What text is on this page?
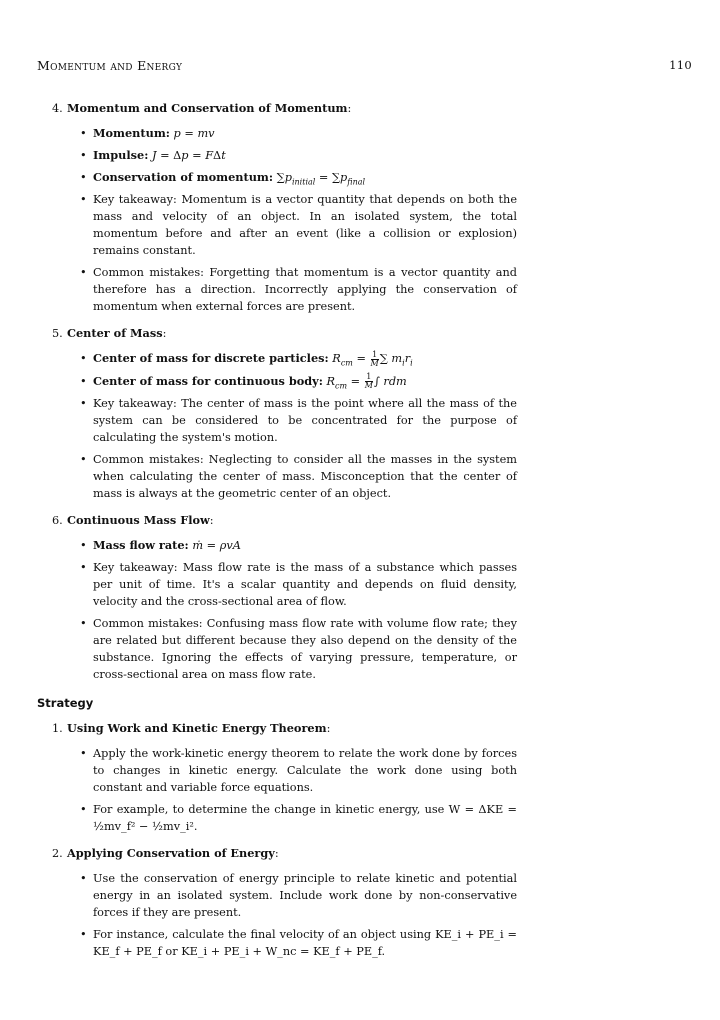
Momentum and Energy	110
4. Momentum and Conservation of Momentum:
• Momentum: p = mv
• Impulse: J = Δp = FΔt
• Conservation of momentum: $\sum p_{initial} = \sum p_{final}$
• Key takeaway: Momentum is a vector quantity that depends on both the mass and velocity of an object. In an isolated system, the total momentum before and after an event (like a collision or explosion) remains constant.
• Common mistakes: Forgetting that momentum is a vector quantity and therefore has a direction. Incorrectly applying the conservation of momentum when external forces are present.
5. Center of Mass:
• Center of mass for discrete particles: $R_{cm} = \frac{1}{M}$ ∑ $m_ir_i$
• Center of mass for continuous body: $R_{cm} = \frac{1}{M}$ ∫ rdm
• Key takeaway: The center of mass is the point where all the mass of the system can be considered to be concentrated for the purpose of calculating the system's motion.
• Common mistakes: Neglecting to consider all the masses in the system when calculating the center of mass. Misconception that the center of mass is always at the geometric center of an object.
6. Continuous Mass Flow:
• Mass flow rate: ṁ = ρvA
• Key takeaway: Mass flow rate is the mass of a substance which passes per unit of time. It's a scalar quantity and depends on fluid density, velocity and the cross-sectional area of flow.
• Common mistakes: Confusing mass flow rate with volume flow rate; they are related but different because they also depend on the density of the substance. Ignoring the effects of varying pressure, temperature, or cross-sectional area on mass flow rate.
Strategy
1. Using Work and Kinetic Energy Theorem:
• Apply the work-kinetic energy theorem to relate the work done by forces to changes in kinetic energy. Calculate the work done using both constant and variable force equations.
• For example, to determine the change in kinetic energy, use W = ΔKE = ½mv_f² − ½mv_i².
2. Applying Conservation of Energy:
• Use the conservation of energy principle to relate kinetic and potential energy in an isolated system. Include work done by non-conservative forces if they are present.
• For instance, calculate the final velocity of an object using KE_i + PE_i = KE_f + PE_f or KE_i + PE_i + W_nc = KE_f + PE_f.
